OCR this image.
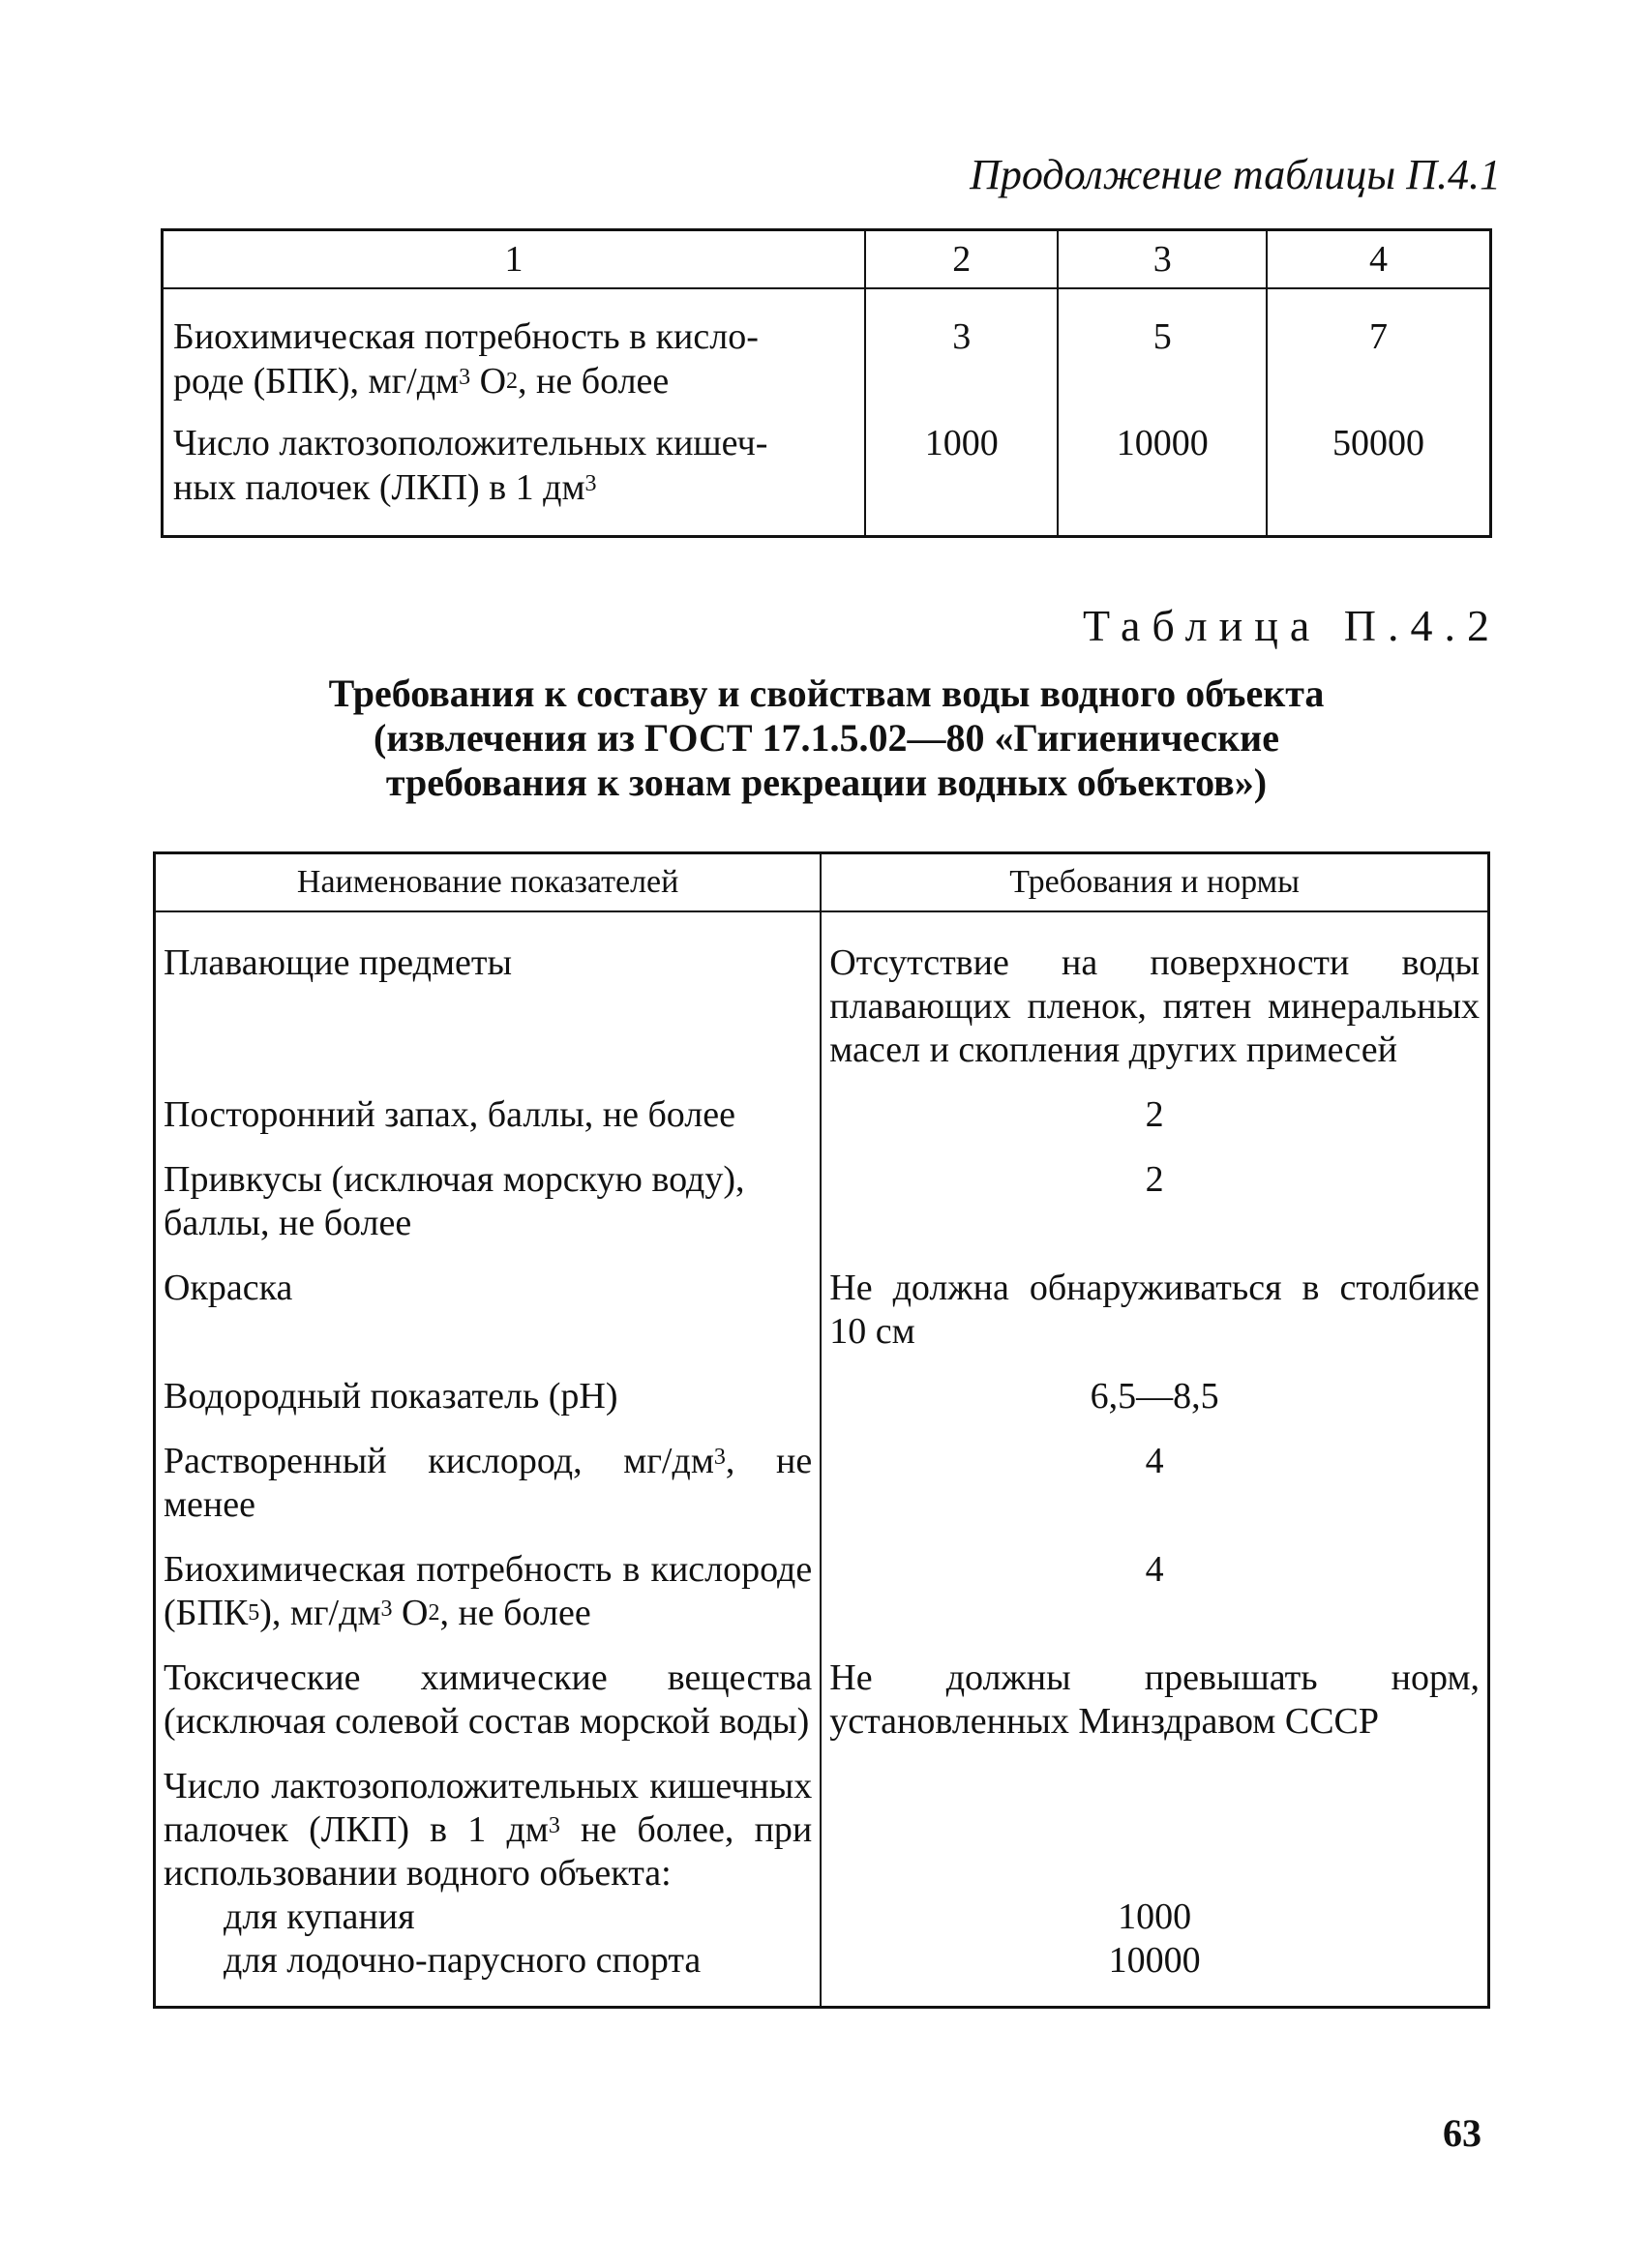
Продолжение таблицы П.4.1
1	2	3	4

Биохимическая потребность в кисло-
роде (БПК), $мг/дм^3$ О2, не более	3	5	7

Число лактозоположительных кишеч-
ных палочек (ЛКП) в 1 $дм^3$	1000	10000	50000
Таблица П.4.2
Требования к составу и свойствам воды водного объекта
(извлечения из ГОСТ 17.1.5.02—80 «Гигиенические
требования к зонам рекреации водных объектов»)
Наименование показателей	Требования и нормы
Плавающие предметы	Отсутствие на поверхности воды плавающих пленок, пятен минеральных масел и скопления других примесей
Посторонний запах, баллы, не более	2
Привкусы (исключая морскую воду), баллы, не более	2
Окраска	Не должна обнаруживаться в столбике 10 см
Водородный показатель (pH)	6,5—8,5
Растворенный кислород, $мг/дм^3$, не менее	4
Биохимическая потребность в кислороде (БПК5), $мг/дм^3$ О2, не более	4
Токсические химические вещества (исключая солевой состав морской воды)	Не должны превышать норм, установленных Минздравом СССР
Число лактозоположительных кишечных палочек (ЛКП) в 1 $дм^3$ не более, при использовании водного объекта:	

для купания	1000

для лодочно-парусного спорта	10000
63
